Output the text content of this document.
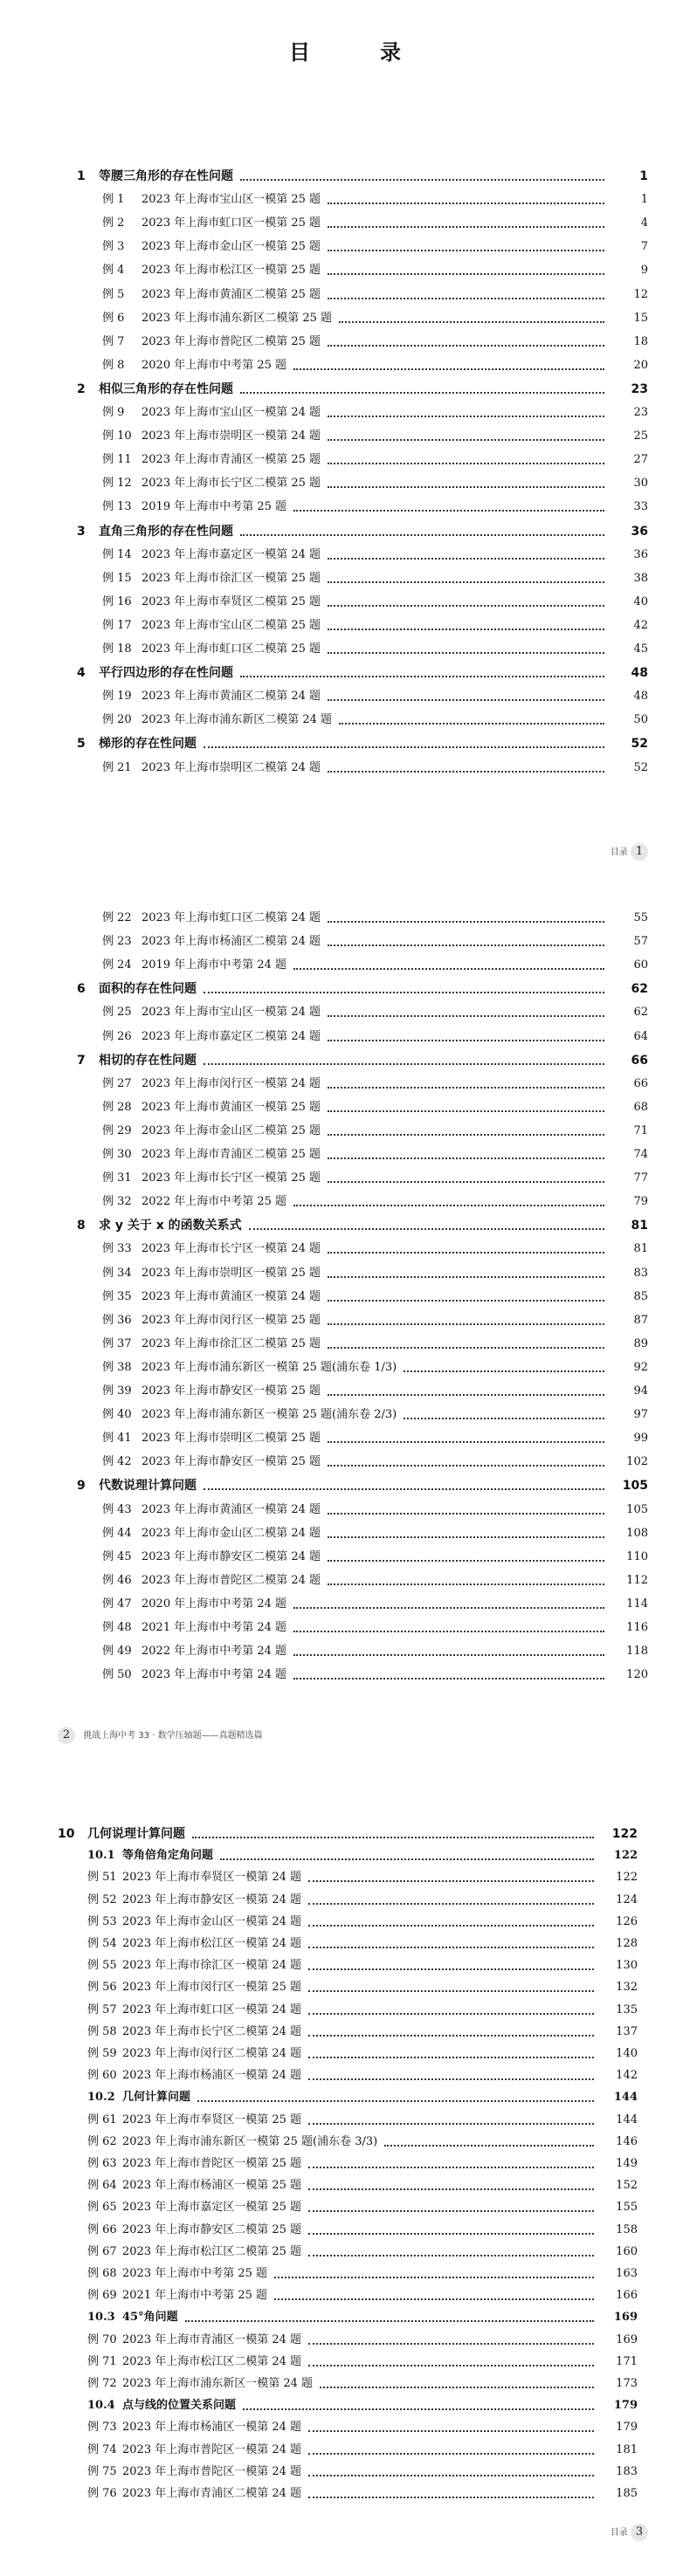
目　录
1 等腰三角形的存在性问题	1
例 1 2023 年上海市宝山区一模第 25 题	1
例 2 2023 年上海市虹口区一模第 25 题	4
例 3 2023 年上海市金山区一模第 25 题	7
例 4 2023 年上海市松江区一模第 25 题	9
例 5 2023 年上海市黄浦区二模第 25 题	12
例 6 2023 年上海市浦东新区二模第 25 题	15
例 7 2023 年上海市普陀区二模第 25 题	18
例 8 2020 年上海市中考第 25 题	20
2 相似三角形的存在性问题	23
例 9 2023 年上海市宝山区一模第 24 题	23
例 10 2023 年上海市崇明区一模第 24 题	25
例 11 2023 年上海市青浦区一模第 25 题	27
例 12 2023 年上海市长宁区二模第 25 题	30
例 13 2019 年上海市中考第 25 题	33
3 直角三角形的存在性问题	36
例 14 2023 年上海市嘉定区一模第 24 题	36
例 15 2023 年上海市徐汇区一模第 25 题	38
例 16 2023 年上海市奉贤区二模第 25 题	40
例 17 2023 年上海市宝山区二模第 25 题	42
例 18 2023 年上海市虹口区二模第 25 题	45
4 平行四边形的存在性问题	48
例 19 2023 年上海市黄浦区二模第 24 题	48
例 20 2023 年上海市浦东新区二模第 24 题	50
5 梯形的存在性问题	52
例 21 2023 年上海市崇明区二模第 24 题	52
例 22 2023 年上海市虹口区二模第 24 题	55
例 23 2023 年上海市杨浦区二模第 24 题	57
例 24 2019 年上海市中考第 24 题	60
6 面积的存在性问题	62
例 25 2023 年上海市宝山区一模第 24 题	62
例 26 2023 年上海市嘉定区二模第 24 题	64
7 相切的存在性问题	66
例 27 2023 年上海市闵行区一模第 24 题	66
例 28 2023 年上海市黄浦区一模第 25 题	68
例 29 2023 年上海市金山区二模第 25 题	71
例 30 2023 年上海市青浦区二模第 25 题	74
例 31 2023 年上海市长宁区一模第 25 题	77
例 32 2022 年上海市中考第 25 题	79
8 求 y 关于 x 的函数关系式	81
例 33 2023 年上海市长宁区一模第 24 题	81
例 34 2023 年上海市崇明区一模第 25 题	83
例 35 2023 年上海市黄浦区一模第 24 题	85
例 36 2023 年上海市闵行区一模第 25 题	87
例 37 2023 年上海市徐汇区二模第 25 题	89
例 38 2023 年上海市浦东新区一模第 25 题(浦东卷 1/3)	92
例 39 2023 年上海市静安区一模第 25 题	94
例 40 2023 年上海市浦东新区一模第 25 题(浦东卷 2/3)	97
例 41 2023 年上海市崇明区二模第 25 题	99
例 42 2023 年上海市静安区一模第 25 题	102
9 代数说理计算问题	105
例 43 2023 年上海市黄浦区一模第 24 题	105
例 44 2023 年上海市金山区二模第 24 题	108
例 45 2023 年上海市静安区二模第 24 题	110
例 46 2023 年上海市普陀区二模第 24 题	112
例 47 2020 年上海市中考第 24 题	114
例 48 2021 年上海市中考第 24 题	116
例 49 2022 年上海市中考第 24 题	118
例 50 2023 年上海市中考第 24 题	120
10 几何说理计算问题	122
10.1 等角倍角定角问题	122
例 51 2023 年上海市奉贤区一模第 24 题	122
例 52 2023 年上海市静安区一模第 24 题	124
例 53 2023 年上海市金山区一模第 24 题	126
例 54 2023 年上海市松江区一模第 24 题	128
例 55 2023 年上海市徐汇区一模第 24 题	130
例 56 2023 年上海市闵行区一模第 25 题	132
例 57 2023 年上海市虹口区一模第 24 题	135
例 58 2023 年上海市长宁区二模第 24 题	137
例 59 2023 年上海市闵行区二模第 24 题	140
例 60 2023 年上海市杨浦区一模第 24 题	142
10.2 几何计算问题	144
例 61 2023 年上海市奉贤区一模第 25 题	144
例 62 2023 年上海市浦东新区一模第 25 题(浦东卷 3/3)	146
例 63 2023 年上海市普陀区一模第 25 题	149
例 64 2023 年上海市杨浦区一模第 25 题	152
例 65 2023 年上海市嘉定区一模第 25 题	155
例 66 2023 年上海市静安区二模第 25 题	158
例 67 2023 年上海市松江区二模第 25 题	160
例 68 2023 年上海市中考第 25 题	163
例 69 2021 年上海市中考第 25 题	166
10.3 45°角问题	169
例 70 2023 年上海市青浦区一模第 24 题	169
例 71 2023 年上海市松江区二模第 24 题	171
例 72 2023 年上海市浦东新区一模第 24 题	173
10.4 点与线的位置关系问题	179
例 73 2023 年上海市杨浦区一模第 24 题	179
例 74 2023 年上海市普陀区一模第 24 题	181
例 75 2023 年上海市普陀区一模第 24 题	183
例 76 2023 年上海市青浦区二模第 24 题	185
目录 1
2 挑战上海中考 33 · 数学压轴题——真题精选篇
目录 3
